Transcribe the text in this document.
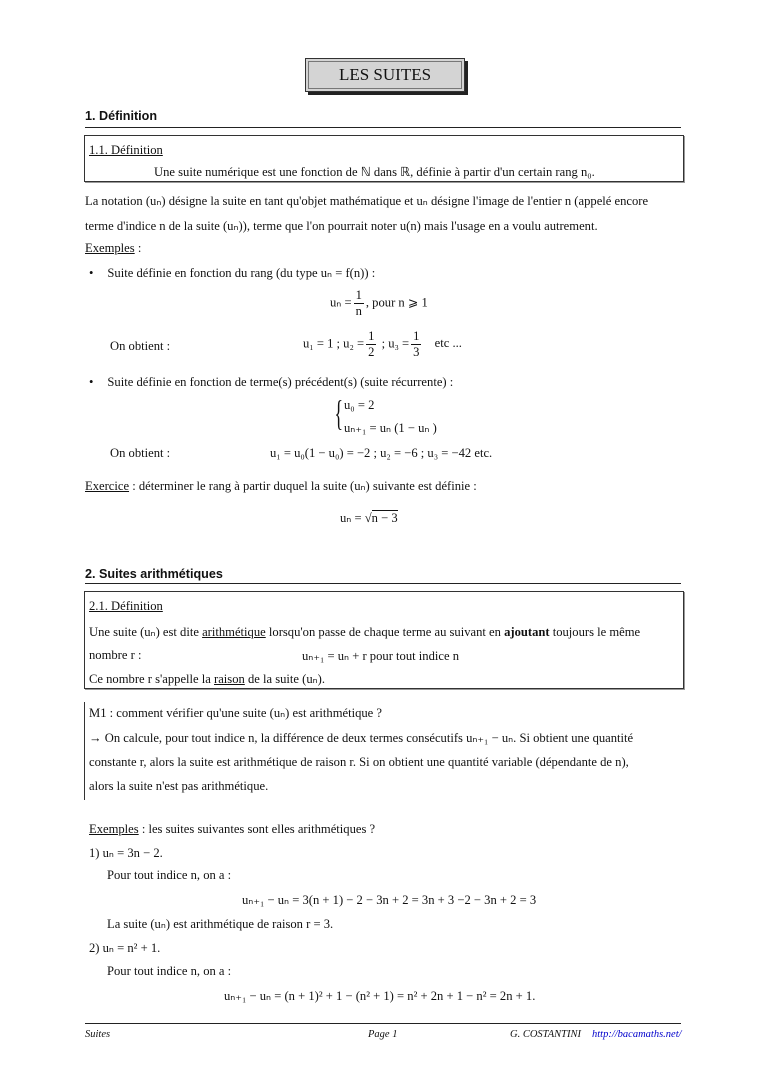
LES SUITES
1. Définition
1.1. Définition
Une suite numérique est une fonction de ℕ dans ℝ, définie à partir d'un certain rang n₀.
La notation (uₙ) désigne la suite en tant qu'objet mathématique et uₙ désigne l'image de l'entier n (appelé encore
terme d'indice n de la suite (uₙ)), terme que l'on pourrait noter u(n) mais l'usage en a voulu autrement.
Exemples :
• Suite définie en fonction du rang (du type uₙ = f(n)) :
$u_n = \frac{1}{n}$ , pour n ⩾ 1
On obtient :	u₁ = 1 ; $u_2 = \frac{1}{2}$ ; $u_3 = \frac{1}{3}$ etc ...
• Suite définie en fonction de terme(s) précédent(s) (suite récurrente) :
{ u₀ = 2
uₙ₊₁ = uₙ (1 − uₙ )
On obtient :	u₁ = u₀(1 − u₀) = −2 ; u₂ = −6 ; u₃ = −42 etc.
Exercice : déterminer le rang à partir duquel la suite (uₙ) suivante est définie :
uₙ = √n − 3
2. Suites arithmétiques
2.1. Définition
Une suite (uₙ) est dite arithmétique lorsqu'on passe de chaque terme au suivant en ajoutant toujours le même
nombre r :	uₙ₊₁ = uₙ + r pour tout indice n
Ce nombre r s'appelle la raison de la suite (uₙ).
M1 : comment vérifier qu'une suite (uₙ) est arithmétique ?
→ On calcule, pour tout indice n, la différence de deux termes consécutifs uₙ₊₁ − uₙ. Si obtient une quantité
constante r, alors la suite est arithmétique de raison r. Si on obtient une quantité variable (dépendante de n),
alors la suite n'est pas arithmétique.
Exemples : les suites suivantes sont elles arithmétiques ?
1) uₙ = 3n − 2.
Pour tout indice n, on a :
uₙ₊₁ − uₙ = 3(n + 1) − 2 − 3n + 2 = 3n + 3 −2 − 3n + 2 = 3
La suite (uₙ) est arithmétique de raison r = 3.
2) uₙ = n² + 1.
Pour tout indice n, on a :
uₙ₊₁ − uₙ = (n + 1)² + 1 − (n² + 1) = n² + 2n + 1 − n² = 2n + 1.
Suites	Page 1	G. COSTANTINI http://bacamaths.net/
